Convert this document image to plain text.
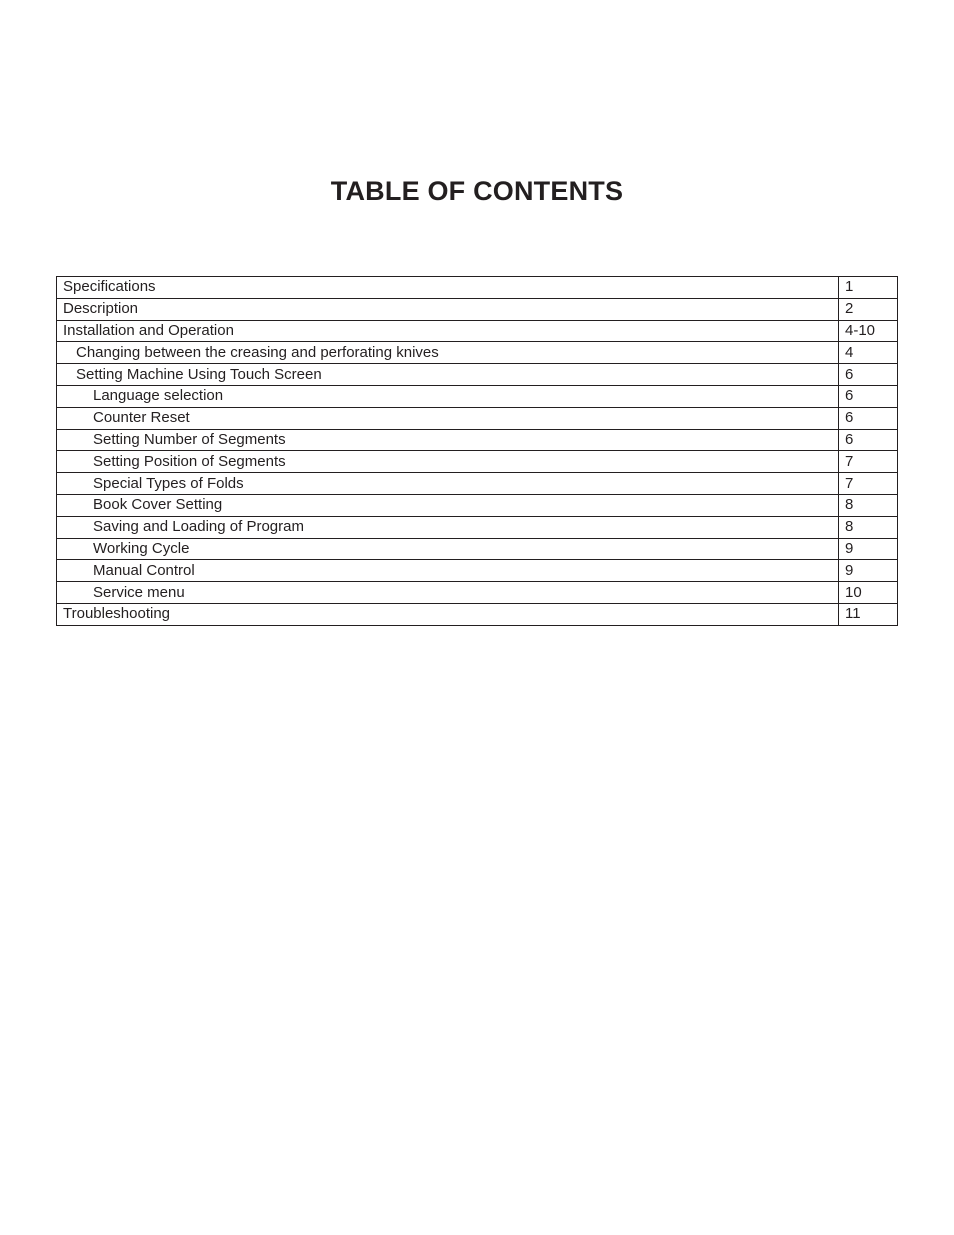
TABLE OF CONTENTS
Specifications	1
Description	2
Installation and Operation	4-10
Changing between the creasing and perforating knives	4
Setting Machine Using Touch Screen	6
Language selection	6
Counter Reset	6
Setting Number of Segments	6
Setting Position of Segments	7
Special Types of Folds	7
Book Cover Setting	8
Saving and Loading of Program	8
Working Cycle	9
Manual Control	9
Service menu	10
Troubleshooting	11
